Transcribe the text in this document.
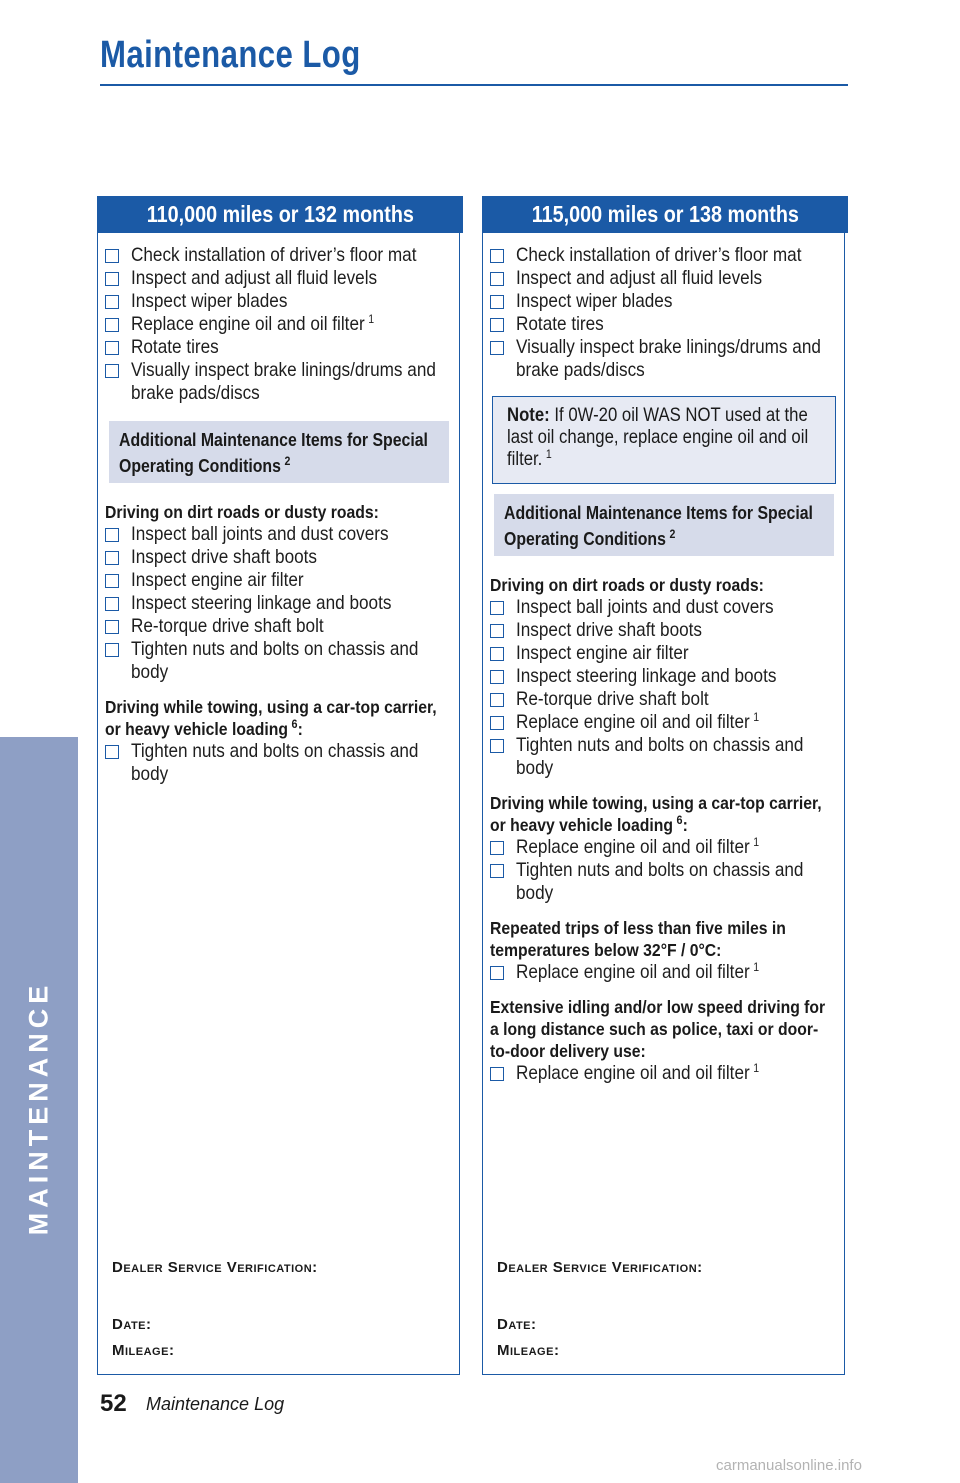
Maintenance Log
MAINTENANCE
110,000 miles or 132 months
Check installation of driver’s floor mat
Inspect and adjust all fluid levels
Inspect wiper blades
Replace engine oil and oil filter $^1$
Rotate tires
Visually inspect brake linings/drums and brake pads/discs
Additional Maintenance Items for Special Operating Conditions $^2$
Driving on dirt roads or dusty roads:
Inspect ball joints and dust covers
Inspect drive shaft boots
Inspect engine air filter
Inspect steering linkage and boots
Re-torque drive shaft bolt
Tighten nuts and bolts on chassis and body
Driving while towing, using a car-top carrier, or heavy vehicle loading $^6$:
Tighten nuts and bolts on chassis and body
Dealer Service Verification:
Date:
Mileage:
115,000 miles or 138 months
Check installation of driver’s floor mat
Inspect and adjust all fluid levels
Inspect wiper blades
Rotate tires
Visually inspect brake linings/drums and brake pads/discs
Note: If 0W-20 oil WAS NOT used at the last oil change, replace engine oil and oil filter. $^1$
Additional Maintenance Items for Special Operating Conditions $^2$
Driving on dirt roads or dusty roads:
Inspect ball joints and dust covers
Inspect drive shaft boots
Inspect engine air filter
Inspect steering linkage and boots
Re-torque drive shaft bolt
Replace engine oil and oil filter $^1$
Tighten nuts and bolts on chassis and body
Driving while towing, using a car-top carrier, or heavy vehicle loading $^6$:
Replace engine oil and oil filter $^1$
Tighten nuts and bolts on chassis and body
Repeated trips of less than five miles in temperatures below 32°F / 0°C:
Replace engine oil and oil filter $^1$
Extensive idling and/or low speed driving for a long distance such as police, taxi or door-to-door delivery use:
Replace engine oil and oil filter $^1$
Dealer Service Verification:
Date:
Mileage:
52 Maintenance Log
carmanualsonline.info
